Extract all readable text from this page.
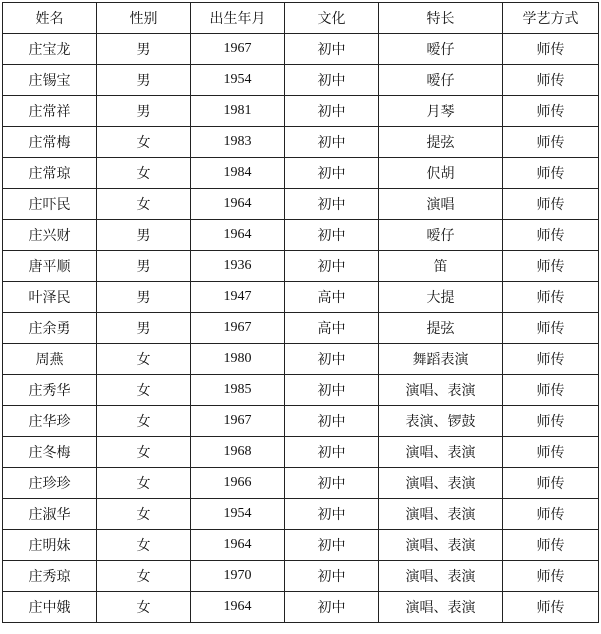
姓名	性别	出生年月	文化	特长	学艺方式
庄宝龙	男	1967	初中	嗳仔	师传
庄锡宝	男	1954	初中	嗳仔	师传
庄常祥	男	1981	初中	月琴	师传
庄常梅	女	1983	初中	提弦	师传
庄常琼	女	1984	初中	伬胡	师传
庄吓民	女	1964	初中	演唱	师传
庄兴财	男	1964	初中	嗳仔	师传
唐平顺	男	1936	初中	笛	师传
叶泽民	男	1947	高中	大提	师传
庄余勇	男	1967	高中	提弦	师传
周燕	女	1980	初中	舞蹈表演	师传
庄秀华	女	1985	初中	演唱、表演	师传
庄华珍	女	1967	初中	表演、锣鼓	师传
庄冬梅	女	1968	初中	演唱、表演	师传
庄珍珍	女	1966	初中	演唱、表演	师传
庄淑华	女	1954	初中	演唱、表演	师传
庄明妹	女	1964	初中	演唱、表演	师传
庄秀琼	女	1970	初中	演唱、表演	师传
庄中娥	女	1964	初中	演唱、表演	师传
